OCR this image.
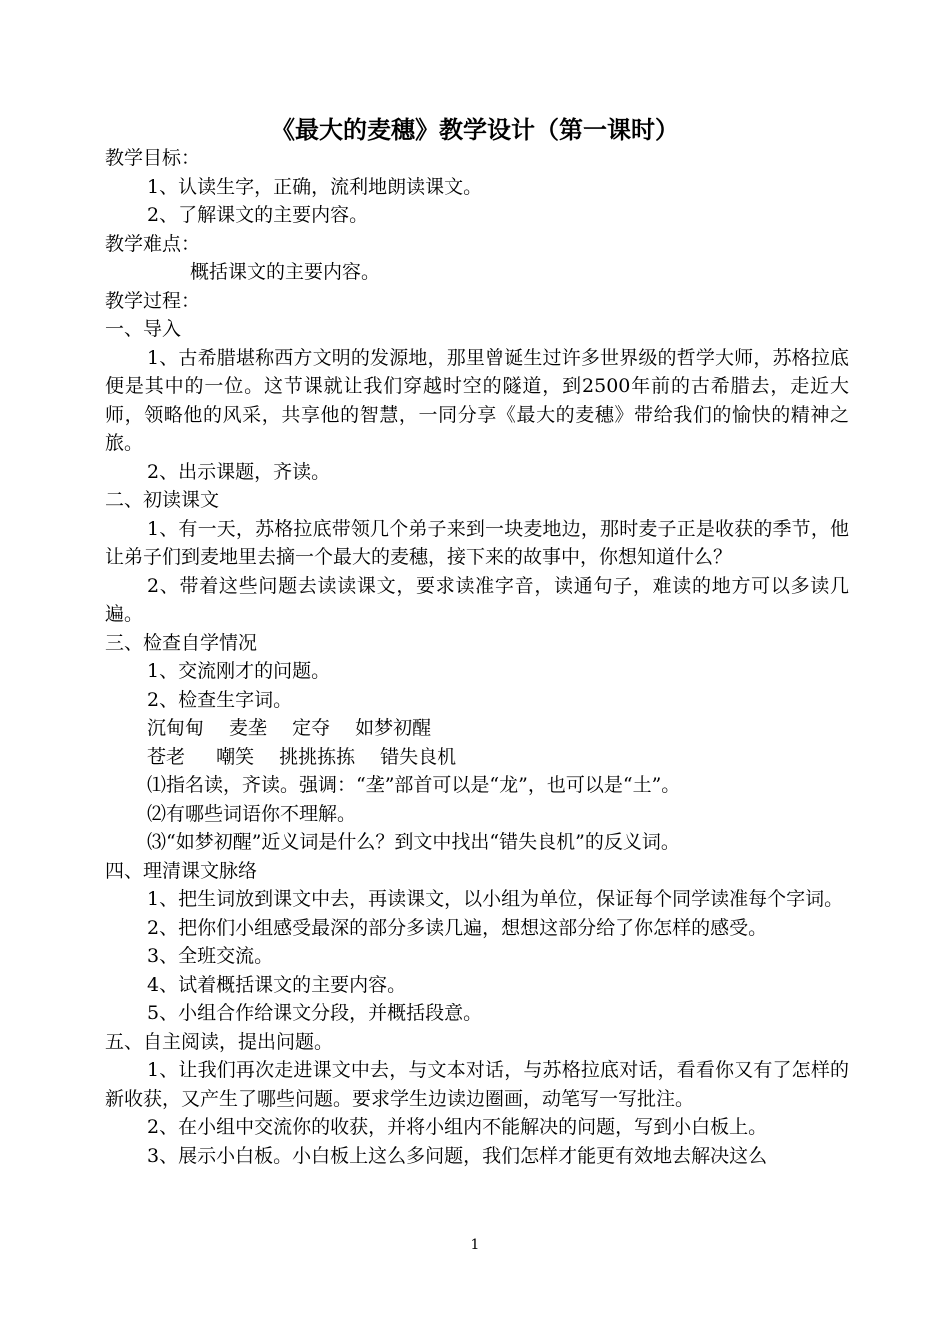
《最大的麦穗》教学设计（第一课时）

教学目标：

1、认读生字，正确，流利地朗读课文。

2、了解课文的主要内容。

教学难点：

概括课文的主要内容。

教学过程：

一、导入

1、古希腊堪称西方文明的发源地，那里曾诞生过许多世界级的哲学大师，苏格拉底便是其中的一位。这节课就让我们穿越时空的隧道，到2500年前的古希腊去，走近大师，领略他的风采，共享他的智慧，一同分享《最大的麦穗》带给我们的愉快的精神之旅。

2、出示课题，齐读。

二、初读课文

1、有一天，苏格拉底带领几个弟子来到一块麦地边，那时麦子正是收获的季节，他让弟子们到麦地里去摘一个最大的麦穗，接下来的故事中，你想知道什么？

2、带着这些问题去读读课文，要求读准字音，读通句子，难读的地方可以多读几遍。

三、检查自学情况

1、交流刚才的问题。

2、检查生字词。

沉甸甸　 麦垄　 定夺　 如梦初醒

苍老 　 嘲笑　 挑挑拣拣　 错失良机

⑴指名读，齐读。强调：“垄”部首可以是“龙”，也可以是“土”。

⑵有哪些词语你不理解。

⑶“如梦初醒”近义词是什么？到文中找出“错失良机”的反义词。

四、理清课文脉络

1、把生词放到课文中去，再读课文，以小组为单位，保证每个同学读准每个字词。

2、把你们小组感受最深的部分多读几遍，想想这部分给了你怎样的感受。

3、全班交流。

4、试着概括课文的主要内容。

5、小组合作给课文分段，并概括段意。

五、自主阅读，提出问题。

1、让我们再次走进课文中去，与文本对话，与苏格拉底对话，看看你又有了怎样的新收获，又产生了哪些问题。要求学生边读边圈画，动笔写一写批注。

2、在小组中交流你的收获，并将小组内不能解决的问题，写到小白板上。

3、展示小白板。小白板上这么多问题，我们怎样才能更有效地去解决这么

1
